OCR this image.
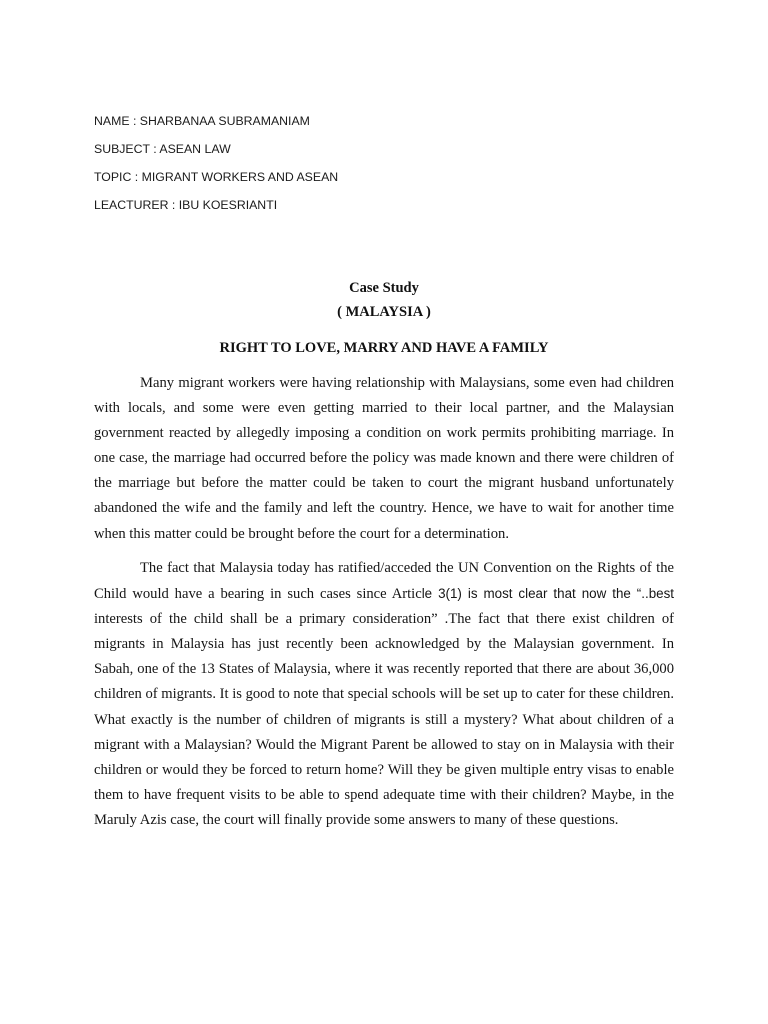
NAME : SHARBANAA SUBRAMANIAM
SUBJECT : ASEAN LAW
TOPIC : MIGRANT WORKERS AND ASEAN
LEACTURER : IBU KOESRIANTI
Case Study
( MALAYSIA )
RIGHT TO LOVE, MARRY AND HAVE A FAMILY

Many migrant workers were having relationship with Malaysians, some even had children with locals, and some were even getting married to their local partner, and the Malaysian government reacted by allegedly imposing a condition on work permits prohibiting marriage. In one case, the marriage had occurred before the policy was made known and there were children of the marriage but before the matter could be taken to court the migrant husband unfortunately abandoned the wife and the family and left the country. Hence, we have to wait for another time when this matter could be brought before the court for a determination.

The fact that Malaysia today has ratified/acceded the UN Convention on the Rights of the Child would have a bearing in such cases since Article 3(1) is most clear that now the “..best interests of the child shall be a primary consideration” .The fact that there exist children of migrants in Malaysia has just recently been acknowledged by the Malaysian government. In Sabah, one of the 13 States of Malaysia, where it was recently reported that there are about 36,000 children of migrants. It is good to note that special schools will be set up to cater for these children. What exactly is the number of children of migrants is still a mystery? What about children of a migrant with a Malaysian? Would the Migrant Parent be allowed to stay on in Malaysia with their children or would they be forced to return home? Will they be given multiple entry visas to enable them to have frequent visits to be able to spend adequate time with their children? Maybe, in the Maruly Azis case, the court will finally provide some answers to many of these questions.
